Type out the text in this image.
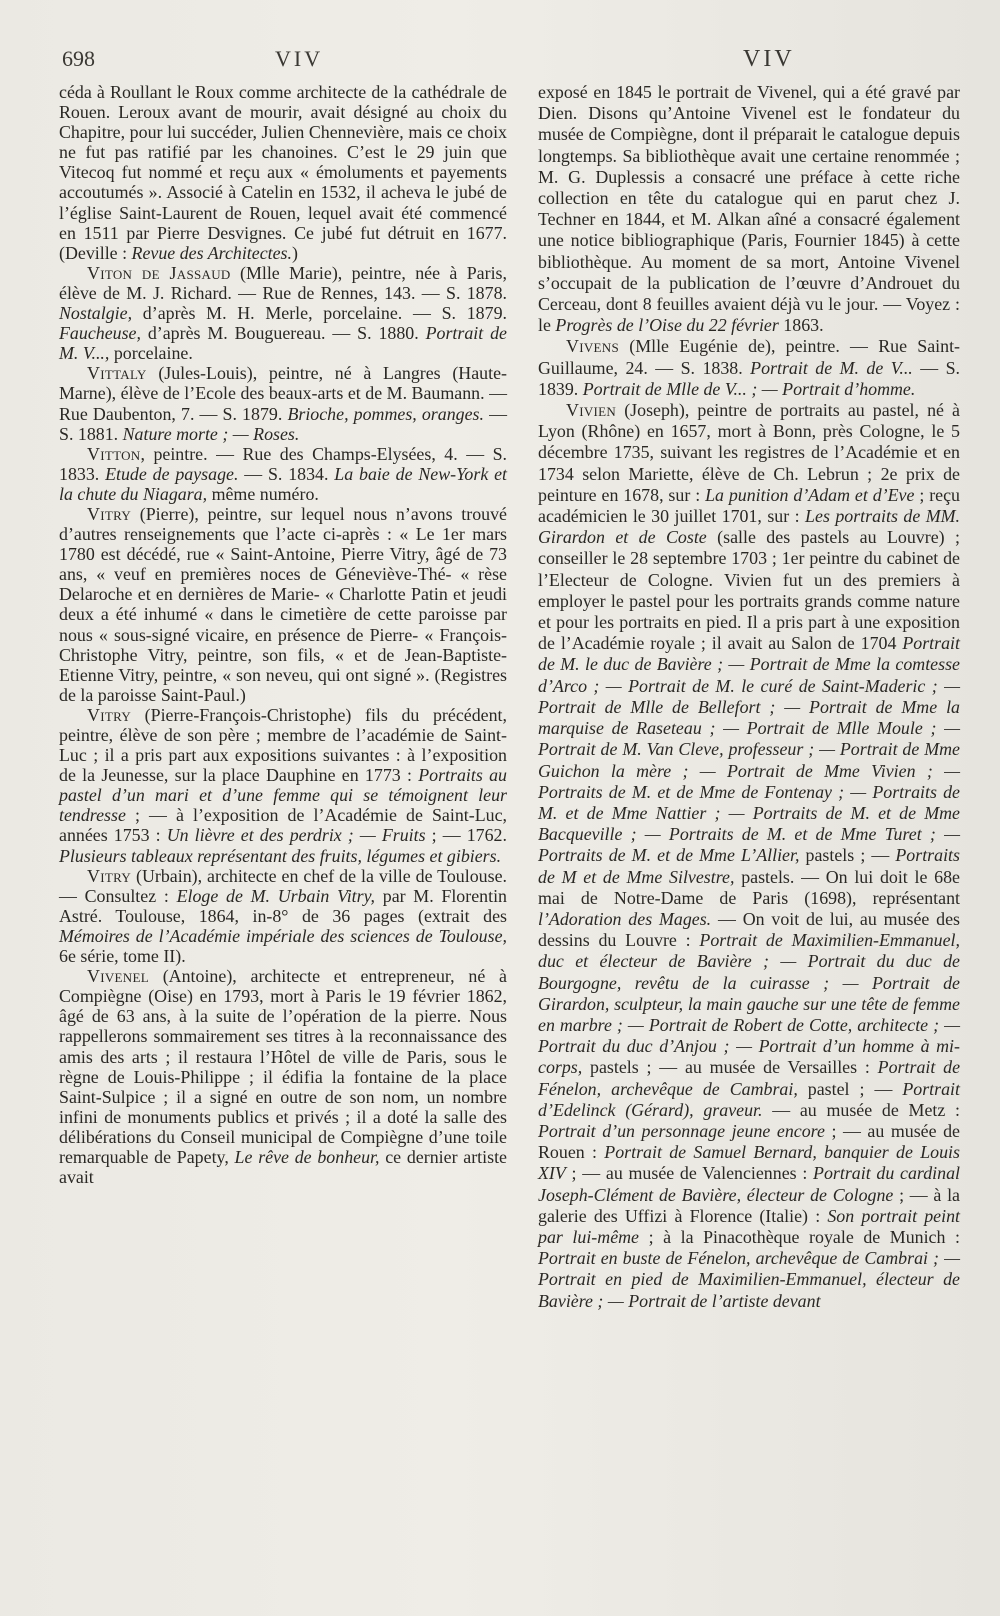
698	VIV	VIV

céda à Roullant le Roux comme architecte de la cathédrale de Rouen. Leroux avant de mourir, avait désigné au choix du Chapitre, pour lui succéder, Julien Chennevière, mais ce choix ne fut pas ratifié par les chanoines. C’est le 29 juin que Vitecoq fut nommé et reçu aux « émoluments et payements accoutumés ». Associé à Catelin en 1532, il acheva le jubé de l’église Saint-Laurent de Rouen, lequel avait été commencé en 1511 par Pierre Desvignes. Ce jubé fut détruit en 1677. (Deville : Revue des Architectes.)

Viton de Jassaud (Mlle Marie), peintre, née à Paris, élève de M. J. Richard. — Rue de Rennes, 143. — S. 1878. Nostalgie, d’après M. H. Merle, porcelaine. — S. 1879. Faucheuse, d’après M. Bouguereau. — S. 1880. Portrait de M. V..., porcelaine.

Vittaly (Jules-Louis), peintre, né à Langres (Haute-Marne), élève de l’Ecole des beaux-arts et de M. Baumann. — Rue Daubenton, 7. — S. 1879. Brioche, pommes, oranges. — S. 1881. Nature morte ; — Roses.

Vitton, peintre. — Rue des Champs-Elysées, 4. — S. 1833. Etude de paysage. — S. 1834. La baie de New-York et la chute du Niagara, même numéro.

Vitry (Pierre), peintre, sur lequel nous n’avons trouvé d’autres renseignements que l’acte ci-après : « Le 1er mars 1780 est décédé, rue « Saint-Antoine, Pierre Vitry, âgé de 73 ans, « veuf en premières noces de Géneviève-Thé- « rèse Delaroche et en dernières de Marie- « Charlotte Patin et jeudi deux a été inhumé « dans le cimetière de cette paroisse par nous « sous-signé vicaire, en présence de Pierre- « François-Christophe Vitry, peintre, son fils, « et de Jean-Baptiste-Etienne Vitry, peintre, « son neveu, qui ont signé ». (Registres de la paroisse Saint-Paul.)

Vitry (Pierre-François-Christophe) fils du précédent, peintre, élève de son père ; membre de l’académie de Saint-Luc ; il a pris part aux expositions suivantes : à l’exposition de la Jeunesse, sur la place Dauphine en 1773 : Portraits au pastel d’un mari et d’une femme qui se témoignent leur tendresse ; — à l’exposition de l’Académie de Saint-Luc, années 1753 : Un lièvre et des perdrix ; — Fruits ; — 1762. Plusieurs tableaux représentant des fruits, légumes et gibiers.

Vitry (Urbain), architecte en chef de la ville de Toulouse. — Consultez : Eloge de M. Urbain Vitry, par M. Florentin Astré. Toulouse, 1864, in-8° de 36 pages (extrait des Mémoires de l’Académie impériale des sciences de Toulouse, 6e série, tome II).

Vivenel (Antoine), architecte et entrepreneur, né à Compiègne (Oise) en 1793, mort à Paris le 19 février 1862, âgé de 63 ans, à la suite de l’opération de la pierre. Nous rappellerons sommairement ses titres à la reconnaissance des amis des arts ; il restaura l’Hôtel de ville de Paris, sous le règne de Louis-Philippe ; il édifia la fontaine de la place Saint-Sulpice ; il a signé en outre de son nom, un nombre infini de monuments publics et privés ; il a doté la salle des délibérations du Conseil municipal de Compiègne d’une toile remarquable de Papety, Le rêve de bonheur, ce dernier artiste avait

exposé en 1845 le portrait de Vivenel, qui a été gravé par Dien. Disons qu’Antoine Vivenel est le fondateur du musée de Compiègne, dont il préparait le catalogue depuis longtemps. Sa bibliothèque avait une certaine renommée ; M. G. Duplessis a consacré une préface à cette riche collection en tête du catalogue qui en parut chez J. Techner en 1844, et M. Alkan aîné a consacré également une notice bibliographique (Paris, Fournier 1845) à cette bibliothèque. Au moment de sa mort, Antoine Vivenel s’occupait de la publication de l’œuvre d’Androuet du Cerceau, dont 8 feuilles avaient déjà vu le jour. — Voyez : le Progrès de l’Oise du 22 février 1863.

Vivens (Mlle Eugénie de), peintre. — Rue Saint-Guillaume, 24. — S. 1838. Portrait de M. de V... — S. 1839. Portrait de Mlle de V... ; — Portrait d’homme.

Vivien (Joseph), peintre de portraits au pastel, né à Lyon (Rhône) en 1657, mort à Bonn, près Cologne, le 5 décembre 1735, suivant les registres de l’Académie et en 1734 selon Mariette, élève de Ch. Lebrun ; 2e prix de peinture en 1678, sur : La punition d’Adam et d’Eve ; reçu académicien le 30 juillet 1701, sur : Les portraits de MM. Girardon et de Coste (salle des pastels au Louvre) ; conseiller le 28 septembre 1703 ; 1er peintre du cabinet de l’Electeur de Cologne. Vivien fut un des premiers à employer le pastel pour les portraits grands comme nature et pour les portraits en pied. Il a pris part à une exposition de l’Académie royale ; il avait au Salon de 1704 Portrait de M. le duc de Bavière ; — Portrait de Mme la comtesse d’Arco ; — Portrait de M. le curé de Saint-Maderic ; — Portrait de Mlle de Bellefort ; — Portrait de Mme la marquise de Raseteau ; — Portrait de Mlle Moule ; — Portrait de M. Van Cleve, professeur ; — Portrait de Mme Guichon la mère ; — Portrait de Mme Vivien ; — Portraits de M. et de Mme de Fontenay ; — Portraits de M. et de Mme Nattier ; — Portraits de M. et de Mme Bacqueville ; — Portraits de M. et de Mme Turet ; — Portraits de M. et de Mme L’Allier, pastels ; — Portraits de M et de Mme Silvestre, pastels. — On lui doit le 68e mai de Notre-Dame de Paris (1698), représentant l’Adoration des Mages. — On voit de lui, au musée des dessins du Louvre : Portrait de Maximilien-Emmanuel, duc et électeur de Bavière ; — Portrait du duc de Bourgogne, revêtu de la cuirasse ; — Portrait de Girardon, sculpteur, la main gauche sur une tête de femme en marbre ; — Portrait de Robert de Cotte, architecte ; — Portrait du duc d’Anjou ; — Portrait d’un homme à mi-corps, pastels ; — au musée de Versailles : Portrait de Fénelon, archevêque de Cambrai, pastel ; — Portrait d’Edelinck (Gérard), graveur. — au musée de Metz : Portrait d’un personnage jeune encore ; — au musée de Rouen : Portrait de Samuel Bernard, banquier de Louis XIV ; — au musée de Valenciennes : Portrait du cardinal Joseph-Clément de Bavière, électeur de Cologne ; — à la galerie des Uffizi à Florence (Italie) : Son portrait peint par lui-même ; à la Pinacothèque royale de Munich : Portrait en buste de Fénelon, archevêque de Cambrai ; — Portrait en pied de Maximilien-Emmanuel, électeur de Bavière ; — Portrait de l’artiste devant
